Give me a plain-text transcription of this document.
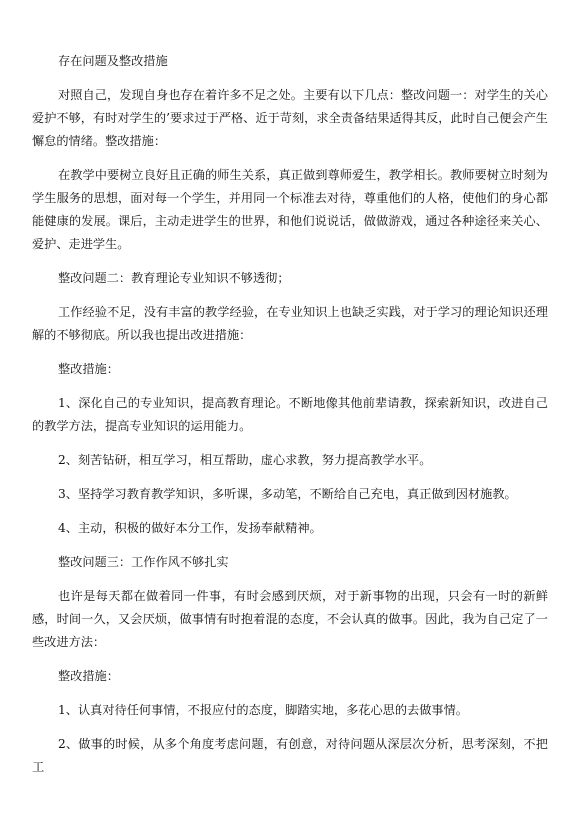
存在问题及整改措施

对照自己，发现自身也存在着许多不足之处。主要有以下几点：整改问题一：对学生的关心爱护不够，有时对学生的’要求过于严格、近于苛刻，求全责备结果适得其反，此时自己便会产生懈怠的情绪。整改措施：

在教学中要树立良好且正确的师生关系，真正做到尊师爱生，教学相长。教师要树立时刻为学生服务的思想，面对每一个学生，并用同一个标准去对待，尊重他们的人格，使他们的身心都能健康的发展。课后，主动走进学生的世界，和他们说说话，做做游戏，通过各种途径来关心、爱护、走进学生。

整改问题二：教育理论专业知识不够透彻；

工作经验不足，没有丰富的教学经验，在专业知识上也缺乏实践，对于学习的理论知识还理解的不够彻底。所以我也提出改进措施：

整改措施：

1、深化自己的专业知识，提高教育理论。不断地像其他前辈请教，探索新知识，改进自己的教学方法，提高专业知识的运用能力。

2、刻苦钻研，相互学习，相互帮助，虚心求教，努力提高教学水平。

3、坚持学习教育教学知识，多听课，多动笔，不断给自己充电，真正做到因材施教。

4、主动，积极的做好本分工作，发扬奉献精神。

整改问题三：工作作风不够扎实

也许是每天都在做着同一件事，有时会感到厌烦，对于新事物的出现，只会有一时的新鲜感，时间一久，又会厌烦，做事情有时抱着混的态度，不会认真的做事。因此，我为自己定了一些改进方法：

整改措施：

1、认真对待任何事情，不报应付的态度，脚踏实地，多花心思的去做事情。

2、做事的时候，从多个角度考虑问题，有创意，对待问题从深层次分析，思考深刻，不把工
